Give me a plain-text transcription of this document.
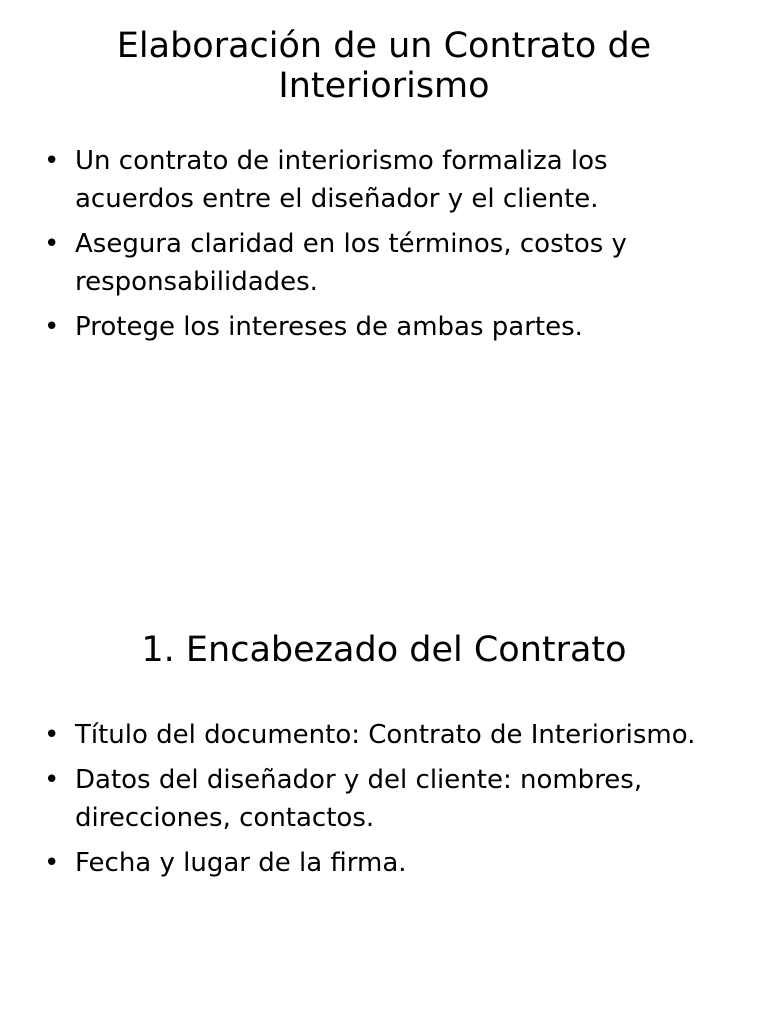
Elaboración de un Contrato de Interiorismo
• Un contrato de interiorismo formaliza los acuerdos entre el diseñador y el cliente.
• Asegura claridad en los términos, costos y responsabilidades.
• Protege los intereses de ambas partes.
1. Encabezado del Contrato
• Título del documento: Contrato de Interiorismo.
• Datos del diseñador y del cliente: nombres, direcciones, contactos.
• Fecha y lugar de la firma.
